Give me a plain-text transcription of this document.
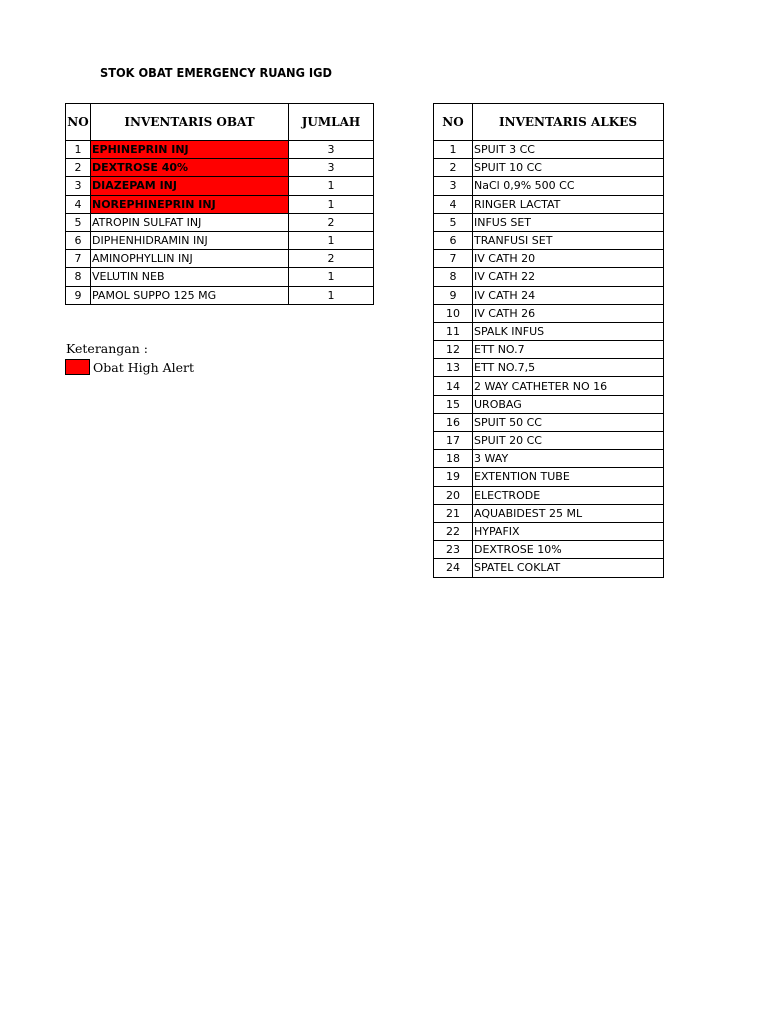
STOK OBAT EMERGENCY RUANG IGD
NO	INVENTARIS OBAT	JUMLAH
1	EPHINEPRIN INJ	3
2	DEXTROSE 40%	3
3	DIAZEPAM INJ	1
4	NOREPHINEPRIN INJ	1
5	ATROPIN SULFAT INJ	2
6	DIPHENHIDRAMIN INJ	1
7	AMINOPHYLLIN INJ	2
8	VELUTIN NEB	1
9	PAMOL SUPPO 125 MG	1
NO	INVENTARIS ALKES
1	SPUIT 3 CC
2	SPUIT 10 CC
3	NaCl 0,9% 500 CC
4	RINGER LACTAT
5	INFUS SET
6	TRANFUSI SET
7	IV CATH 20
8	IV CATH 22
9	IV CATH 24
10	IV CATH 26
11	SPALK INFUS
12	ETT NO.7
13	ETT NO.7,5
14	2 WAY CATHETER NO 16
15	UROBAG
16	SPUIT 50 CC
17	SPUIT 20 CC
18	3 WAY
19	EXTENTION TUBE
20	ELECTRODE
21	AQUABIDEST 25 ML
22	HYPAFIX
23	DEXTROSE 10%
24	SPATEL COKLAT
Keterangan :
Obat High Alert
